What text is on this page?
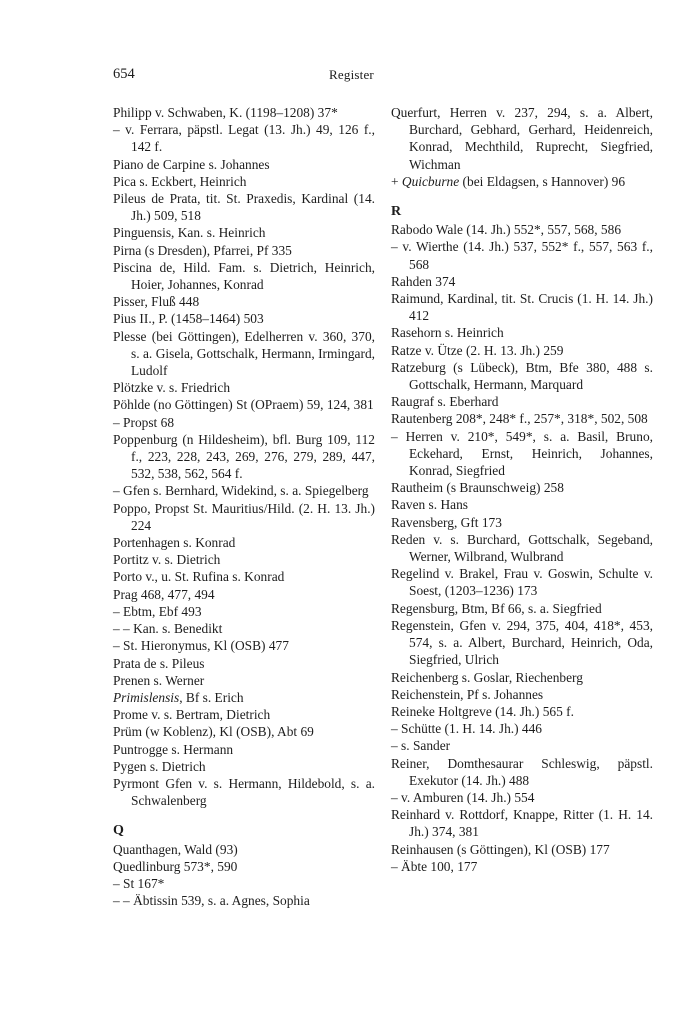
654	Register

Philipp v. Schwaben, K. (1198–1208) 37*

– v. Ferrara, päpstl. Legat (13. Jh.) 49, 126 f., 142 f.

Piano de Carpine s. Johannes

Pica s. Eckbert, Heinrich

Pileus de Prata, tit. St. Praxedis, Kardinal (14. Jh.) 509, 518

Pinguensis, Kan. s. Heinrich

Pirna (s Dresden), Pfarrei, Pf 335

Piscina de, Hild. Fam. s. Dietrich, Heinrich, Hoier, Johannes, Konrad

Pisser, Fluß 448

Pius II., P. (1458–1464) 503

Plesse (bei Göttingen), Edelherren v. 360, 370, s. a. Gisela, Gottschalk, Hermann, Irmingard, Ludolf

Plötzke v. s. Friedrich

Pöhlde (no Göttingen) St (OPraem) 59, 124, 381

– Propst 68

Poppenburg (n Hildesheim), bfl. Burg 109, 112 f., 223, 228, 243, 269, 276, 279, 289, 447, 532, 538, 562, 564 f.

– Gfen s. Bernhard, Widekind, s. a. Spiegelberg

Poppo, Propst St. Mauritius/Hild. (2. H. 13. Jh.) 224

Portenhagen s. Konrad

Portitz v. s. Dietrich

Porto v., u. St. Rufina s. Konrad

Prag 468, 477, 494

– Ebtm, Ebf 493

– – Kan. s. Benedikt

– St. Hieronymus, Kl (OSB) 477

Prata de s. Pileus

Prenen s. Werner

Primislensis, Bf s. Erich

Prome v. s. Bertram, Dietrich

Prüm (w Koblenz), Kl (OSB), Abt 69

Puntrogge s. Hermann

Pygen s. Dietrich

Pyrmont Gfen v. s. Hermann, Hildebold, s. a. Schwalenberg

Q

Quanthagen, Wald (93)

Quedlinburg 573*, 590

– St 167*

– – Äbtissin 539, s. a. Agnes, Sophia

Querfurt, Herren v. 237, 294, s. a. Albert, Burchard, Gebhard, Gerhard, Heidenreich, Konrad, Mechthild, Ruprecht, Siegfried, Wichman

+ Quicburne (bei Eldagsen, s Hannover) 96

R

Rabodo Wale (14. Jh.) 552*, 557, 568, 586

– v. Wierthe (14. Jh.) 537, 552* f., 557, 563 f., 568

Rahden 374

Raimund, Kardinal, tit. St. Crucis (1. H. 14. Jh.) 412

Rasehorn s. Heinrich

Ratze v. Ütze (2. H. 13. Jh.) 259

Ratzeburg (s Lübeck), Btm, Bfe 380, 488 s. Gottschalk, Hermann, Marquard

Raugraf s. Eberhard

Rautenberg 208*, 248* f., 257*, 318*, 502, 508

– Herren v. 210*, 549*, s. a. Basil, Bruno, Eckehard, Ernst, Heinrich, Johannes, Konrad, Siegfried

Rautheim (s Braunschweig) 258

Raven s. Hans

Ravensberg, Gft 173

Reden v. s. Burchard, Gottschalk, Segeband, Werner, Wilbrand, Wulbrand

Regelind v. Brakel, Frau v. Goswin, Schulte v. Soest, (1203–1236) 173

Regensburg, Btm, Bf 66, s. a. Siegfried

Regenstein, Gfen v. 294, 375, 404, 418*, 453, 574, s. a. Albert, Burchard, Heinrich, Oda, Siegfried, Ulrich

Reichenberg s. Goslar, Riechenberg

Reichenstein, Pf s. Johannes

Reineke Holtgreve (14. Jh.) 565 f.

– Schütte (1. H. 14. Jh.) 446

– s. Sander

Reiner, Domthesaurar Schleswig, päpstl. Exekutor (14. Jh.) 488

– v. Amburen (14. Jh.) 554

Reinhard v. Rottdorf, Knappe, Ritter (1. H. 14. Jh.) 374, 381

Reinhausen (s Göttingen), Kl (OSB) 177

– Äbte 100, 177
